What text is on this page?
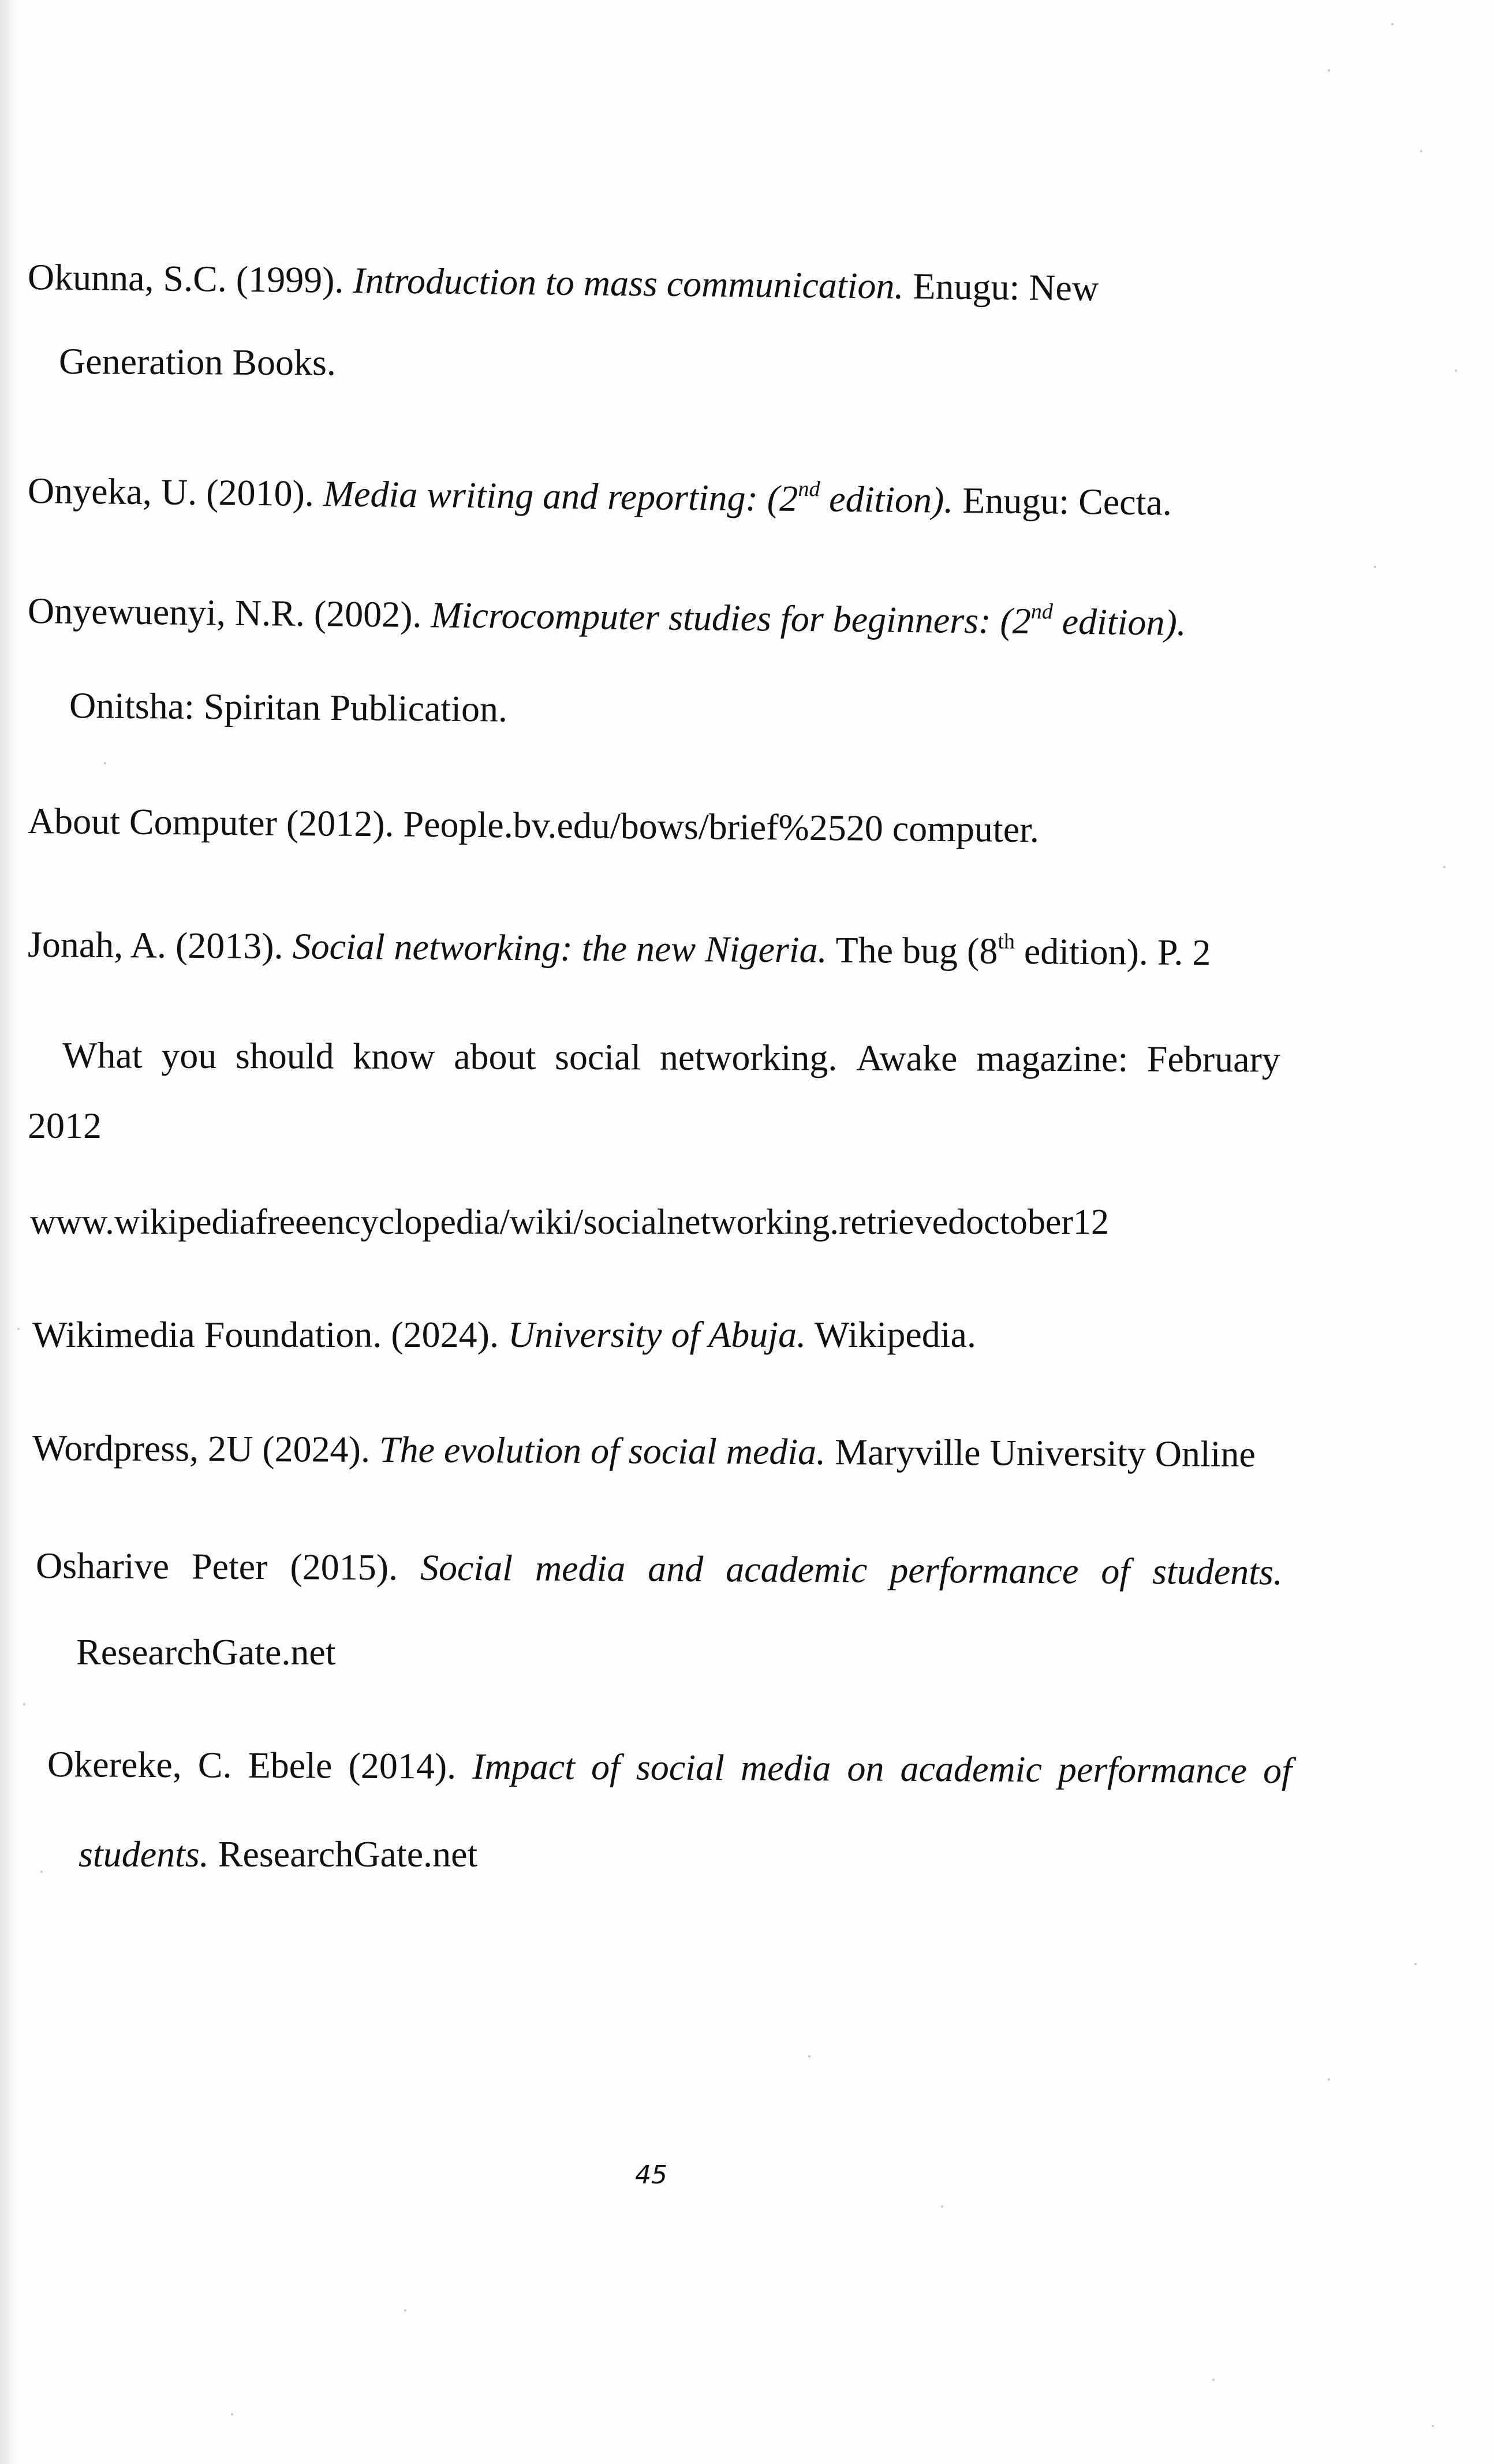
Okunna, S.C. (1999). Introduction to mass communication. Enugu: New
Generation Books.
Onyeka, U. (2010). Media writing and reporting: (2nd edition). Enugu: Cecta.
Onyewuenyi, N.R. (2002). Microcomputer studies for beginners: (2nd edition).
Onitsha: Spiritan Publication.
About Computer (2012). People.bv.edu/bows/brief%2520 computer.
Jonah, A. (2013). Social networking: the new Nigeria. The bug (8th edition). P. 2
What you should know about social networking. Awake magazine: February
2012
www.wikipediafreeencyclopedia/wiki/socialnetworking.retrievedoctober12
Wikimedia Foundation. (2024). University of Abuja. Wikipedia.
Wordpress, 2U (2024). The evolution of social media. Maryville University Online
Osharive Peter (2015). Social media and academic performance of students.
ResearchGate.net
Okereke, C. Ebele (2014). Impact of social media on academic performance of
students. ResearchGate.net
45
